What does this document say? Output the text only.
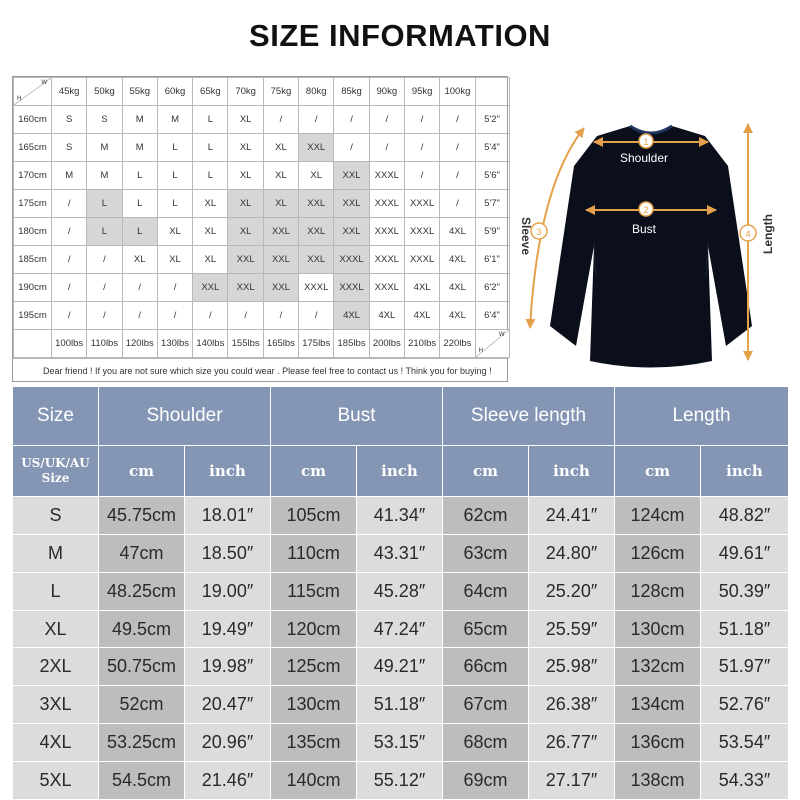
SIZE INFORMATION
H
W	45kg	50kg	55kg	60kg	65kg	70kg	75kg	80kg	85kg	90kg	95kg	100kg	
160cm	S	S	M	M	L	XL	/	/	/	/	/	/	5'2"
165cm	S	M	M	L	L	XL	XL	XXL	/	/	/	/	5'4"
170cm	M	M	L	L	L	XL	XL	XL	XXL	XXXL	/	/	5'6"
175cm	/	L	L	L	XL	XL	XL	XXL	XXL	XXXL	XXXL	/	5'7"
180cm	/	L	L	XL	XL	XL	XXL	XXL	XXL	XXXL	XXXL	4XL	5'9"
185cm	/	/	XL	XL	XL	XXL	XXL	XXL	XXXL	XXXL	XXXL	4XL	6'1"
190cm	/	/	/	/	XXL	XXL	XXL	XXXL	XXXL	XXXL	4XL	4XL	6'2"
195cm	/	/	/	/	/	/	/	/	4XL	4XL	4XL	4XL	6'4"
	100lbs	110lbs	120lbs	130lbs	140lbs	155lbs	165lbs	175lbs	185lbs	200lbs	210lbs	220lbs	H
W
Dear friend ! If you are not sure which size you could wear . Please feel free to contact us ! Think you for buying !
1
2
3	4
Shoulder
Bust
Sleeve	Length
Size	Shoulder		Bust		Sleeve length		Length	

US/UK/AU
Size	cm	inch	cm	inch	cm	inch	cm	inch
S	45.75cm	18.01″	105cm	41.34″	62cm	24.41″	124cm	48.82″
M	47cm	18.50″	110cm	43.31″	63cm	24.80″	126cm	49.61″
L	48.25cm	19.00″	115cm	45.28″	64cm	25.20″	128cm	50.39″
XL	49.5cm	19.49″	120cm	47.24″	65cm	25.59″	130cm	51.18″
2XL	50.75cm	19.98″	125cm	49.21″	66cm	25.98″	132cm	51.97″
3XL	52cm	20.47″	130cm	51.18″	67cm	26.38″	134cm	52.76″
4XL	53.25cm	20.96″	135cm	53.15″	68cm	26.77″	136cm	53.54″
5XL	54.5cm	21.46″	140cm	55.12″	69cm	27.17″	138cm	54.33″
